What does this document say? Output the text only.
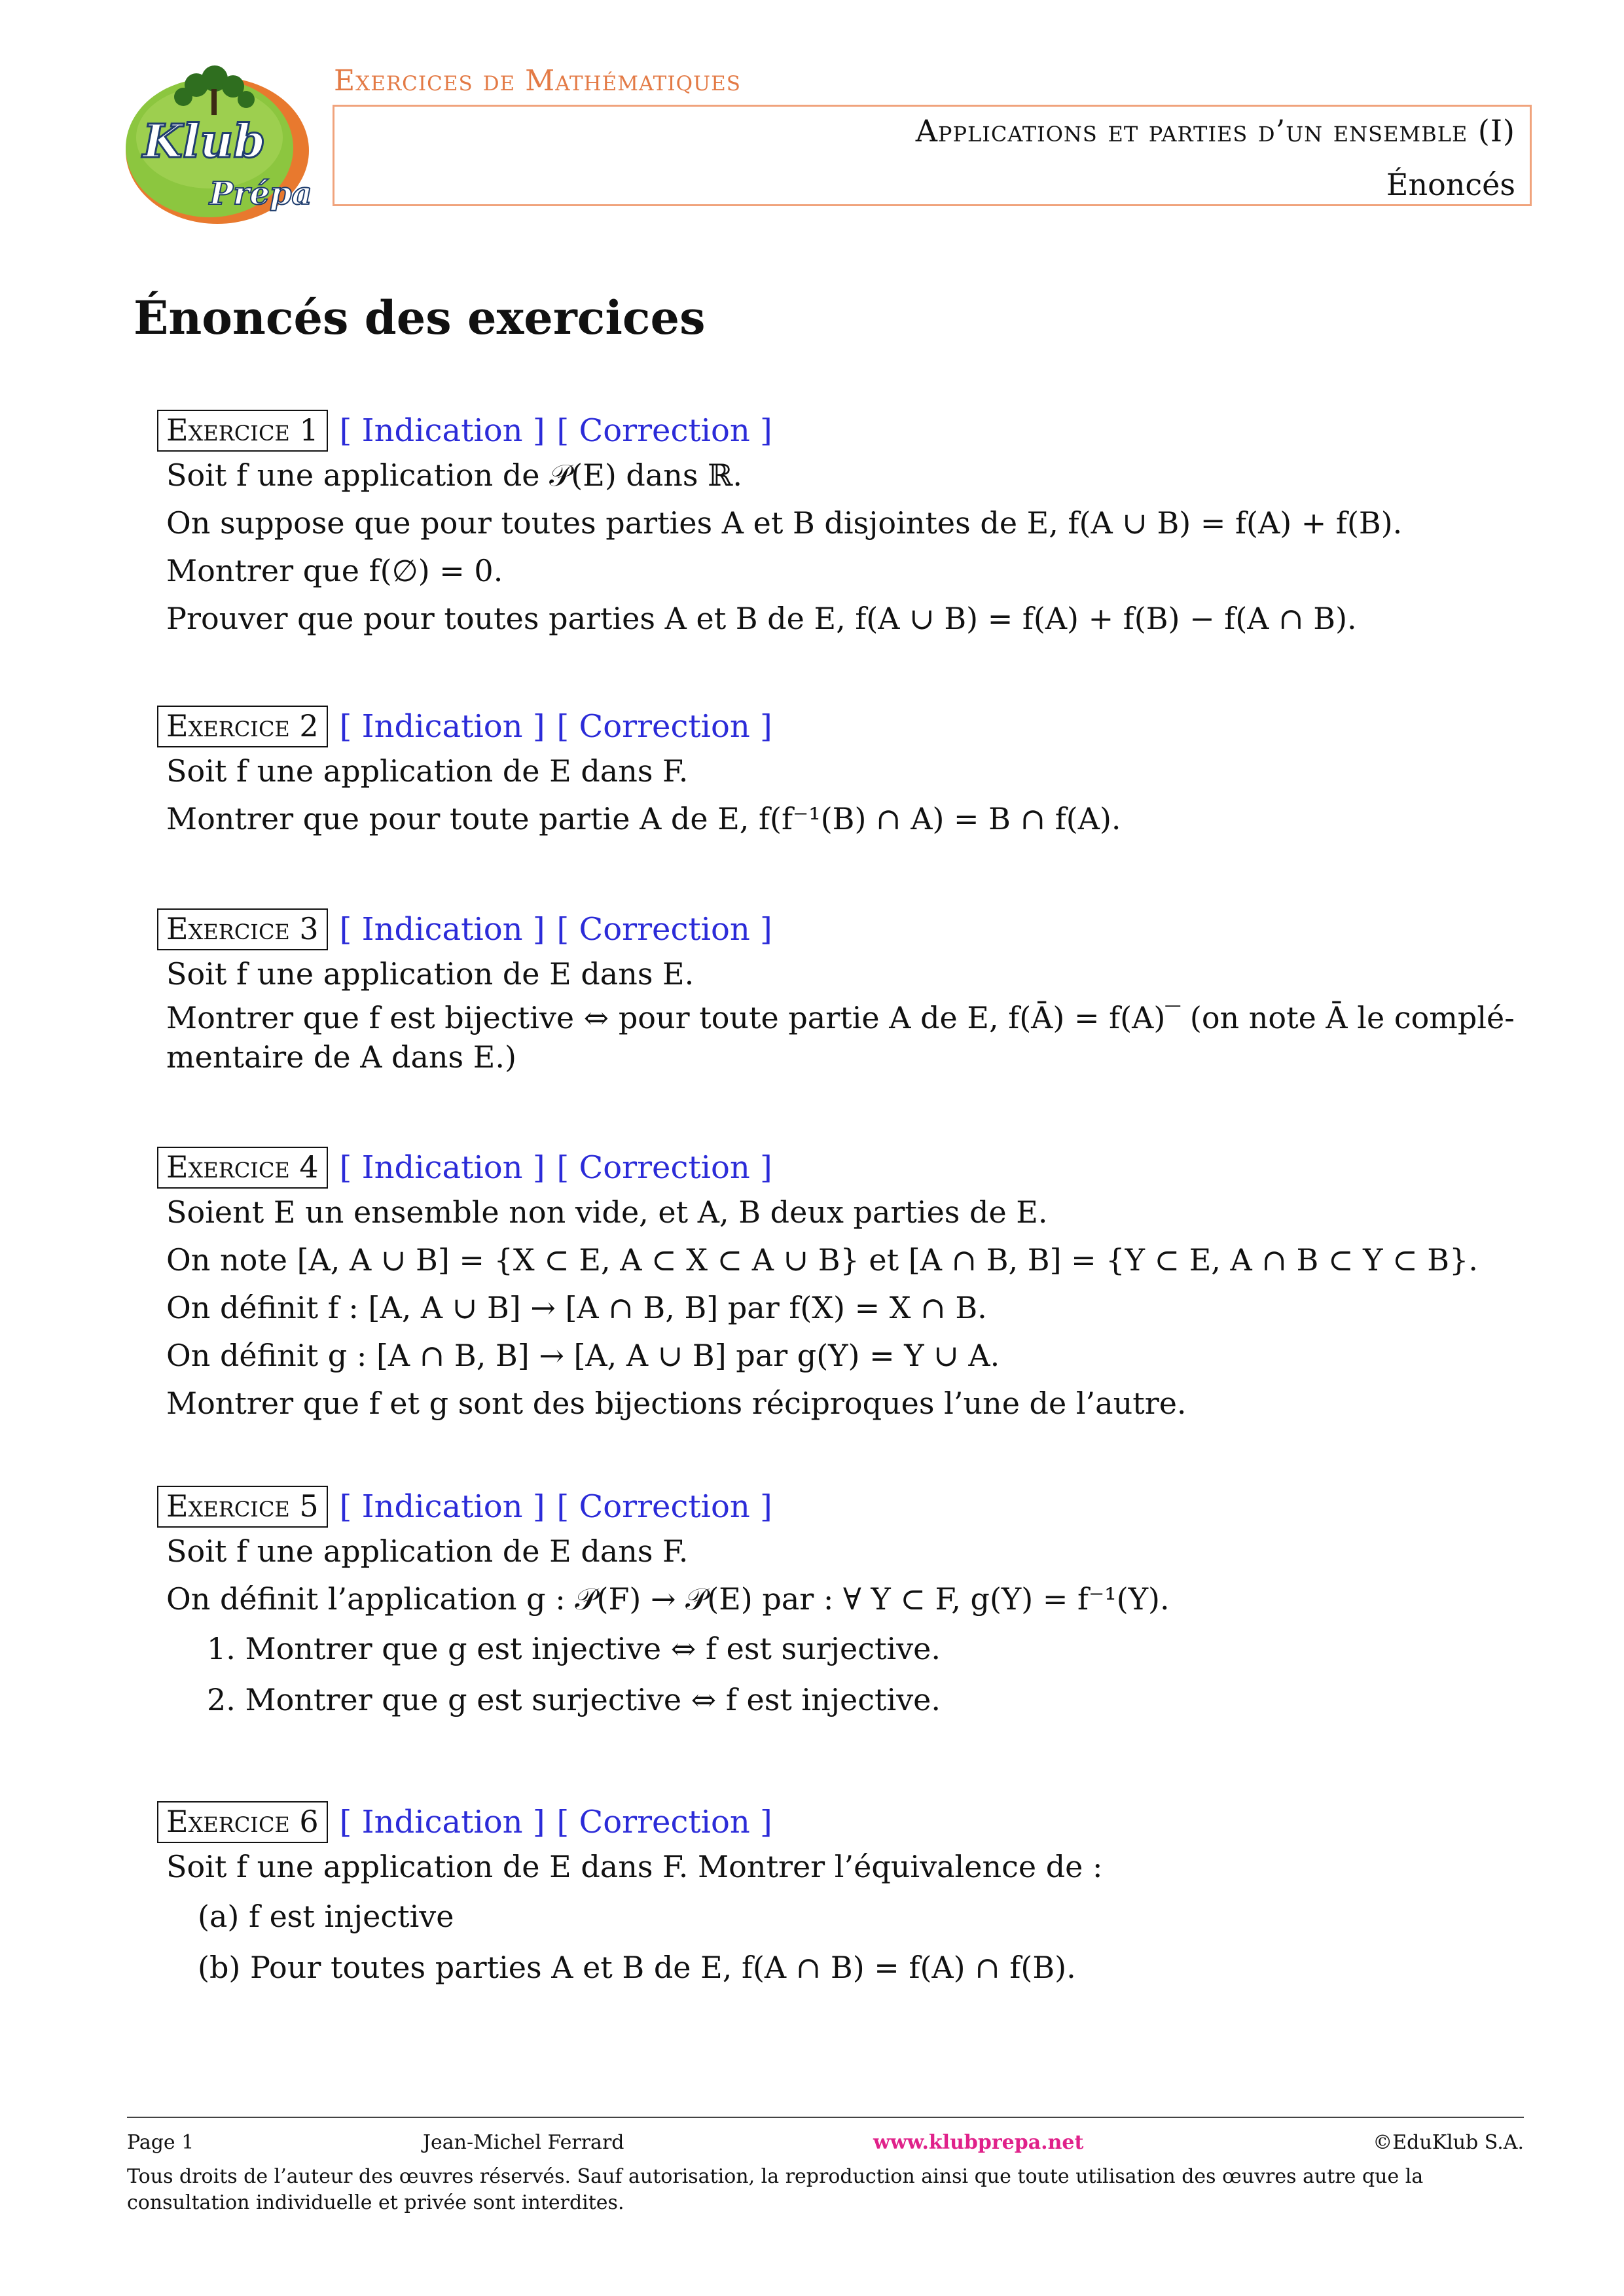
Klub
Prépa
Exercices de Mathématiques
Applications et parties d’un ensemble (I)
Énoncés
Énoncés des exercices
Exercice 1 [ Indication ] [ Correction ]
Soit f une application de 𝒫(E) dans ℝ.
On suppose que pour toutes parties A et B disjointes de E, f(A ∪ B) = f(A) + f(B).
Montrer que f(∅) = 0.
Prouver que pour toutes parties A et B de E, f(A ∪ B) = f(A) + f(B) − f(A ∩ B).
Exercice 2 [ Indication ] [ Correction ]
Soit f une application de E dans F.
Montrer que pour toute partie A de E, f(f⁻¹(B) ∩ A) = B ∩ f(A).
Exercice 3 [ Indication ] [ Correction ]
Soit f une application de E dans E.
Montrer que f est bijective ⇔ pour toute partie A de E, f(Ā) = f(A)‾ (on note Ā le complé-
mentaire de A dans E.)
Exercice 4 [ Indication ] [ Correction ]
Soient E un ensemble non vide, et A, B deux parties de E.
On note [A, A ∪ B] = {X ⊂ E, A ⊂ X ⊂ A ∪ B} et [A ∩ B, B] = {Y ⊂ E, A ∩ B ⊂ Y ⊂ B}.
On définit f : [A, A ∪ B] → [A ∩ B, B] par f(X) = X ∩ B.
On définit g : [A ∩ B, B] → [A, A ∪ B] par g(Y) = Y ∪ A.
Montrer que f et g sont des bijections réciproques l’une de l’autre.
Exercice 5 [ Indication ] [ Correction ]
Soit f une application de E dans F.
On définit l’application g : 𝒫(F) → 𝒫(E) par : ∀ Y ⊂ F, g(Y) = f⁻¹(Y).
1. Montrer que g est injective ⇔ f est surjective.
2. Montrer que g est surjective ⇔ f est injective.
Exercice 6 [ Indication ] [ Correction ]
Soit f une application de E dans F. Montrer l’équivalence de :
(a) f est injective
(b) Pour toutes parties A et B de E, f(A ∩ B) = f(A) ∩ f(B).
Page 1	Jean-Michel Ferrard	www.klubprepa.net	©EduKlub S.A.
Tous droits de l’auteur des œuvres réservés. Sauf autorisation, la reproduction ainsi que toute utilisation des œuvres autre que la consultation individuelle et privée sont interdites.
